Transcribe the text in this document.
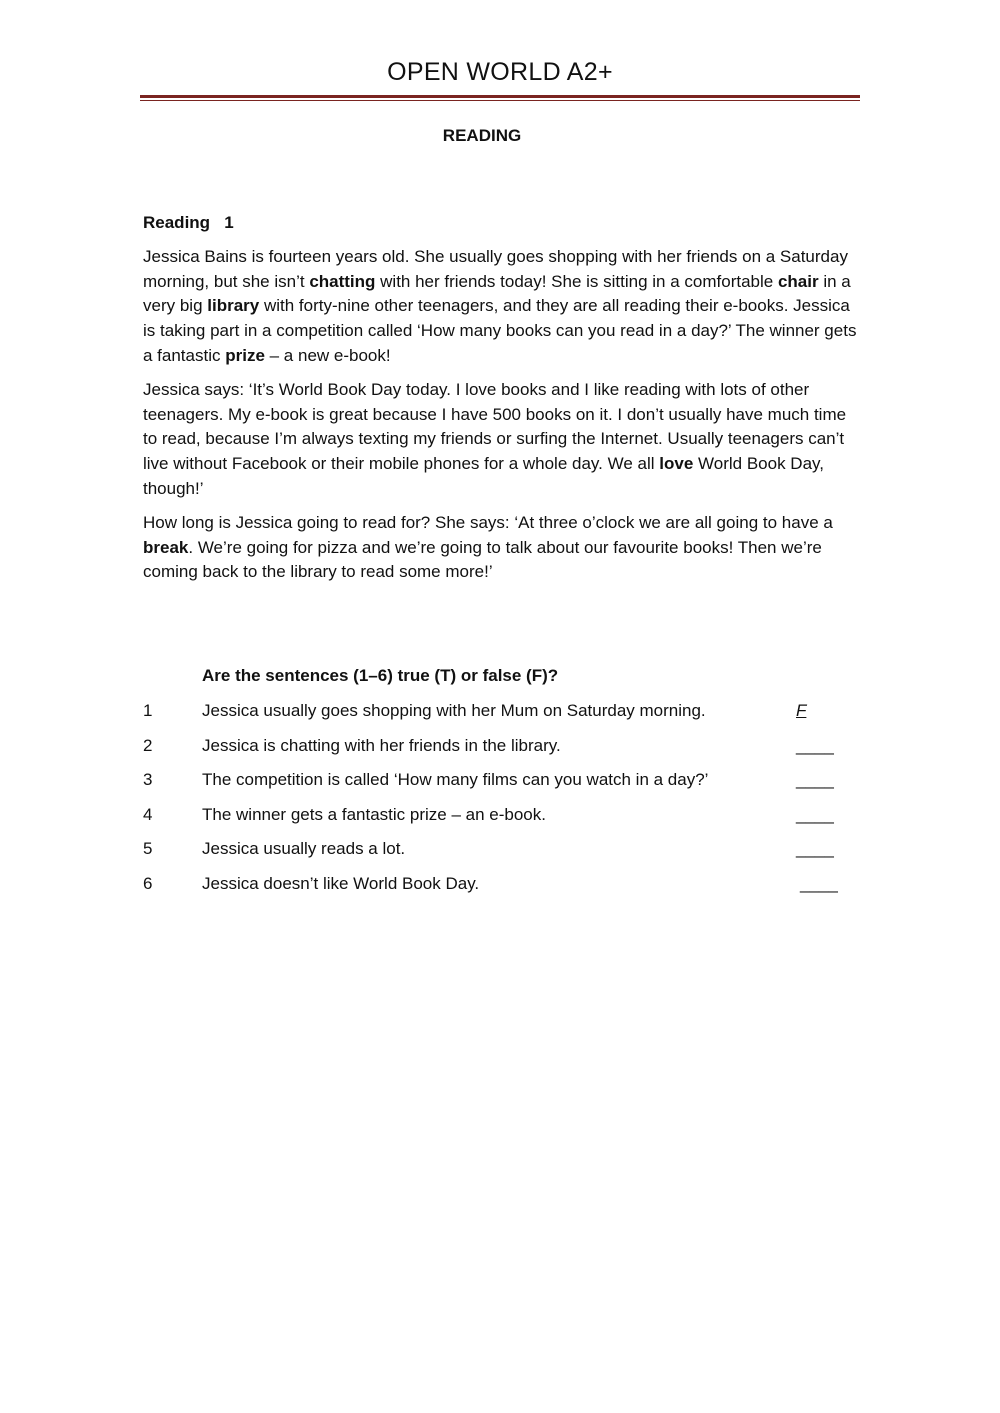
OPEN WORLD A2+
READING
Reading   1

Jessica Bains is fourteen years old. She usually goes shopping with her friends on a Saturday morning, but she isn’t chatting with her friends today! She is sitting in a comfortable chair in a very big library with forty-nine other teenagers, and they are all reading their e-books. Jessica is taking part in a competition called ‘How many books can you read in a day?’ The winner gets a fantastic prize – a new e-book!

Jessica says: ‘It’s World Book Day today. I love books and I like reading with lots of other teenagers. My e-book is great because I have 500 books on it. I don’t usually have much time to read, because I’m always texting my friends or surfing the Internet. Usually teenagers can’t live without Facebook or their mobile phones for a whole day. We all love World Book Day, though!’

How long is Jessica going to read for? She says: ‘At three o’clock we are all going to have a break. We’re going for pizza and we’re going to talk about our favourite books! Then we’re coming back to the library to read some more!’

Are the sentences (1–6) true (T) or false (F)?
1	Jessica usually goes shopping with her Mum on Saturday morning.	F
2	Jessica is chatting with her friends in the library.	____
3	The competition is called ‘How many films can you watch in a day?’	____
4	The winner gets a fantastic prize – an e-book.	____
5	Jessica usually reads a lot.	____
6	Jessica doesn’t like World Book Day.	____
